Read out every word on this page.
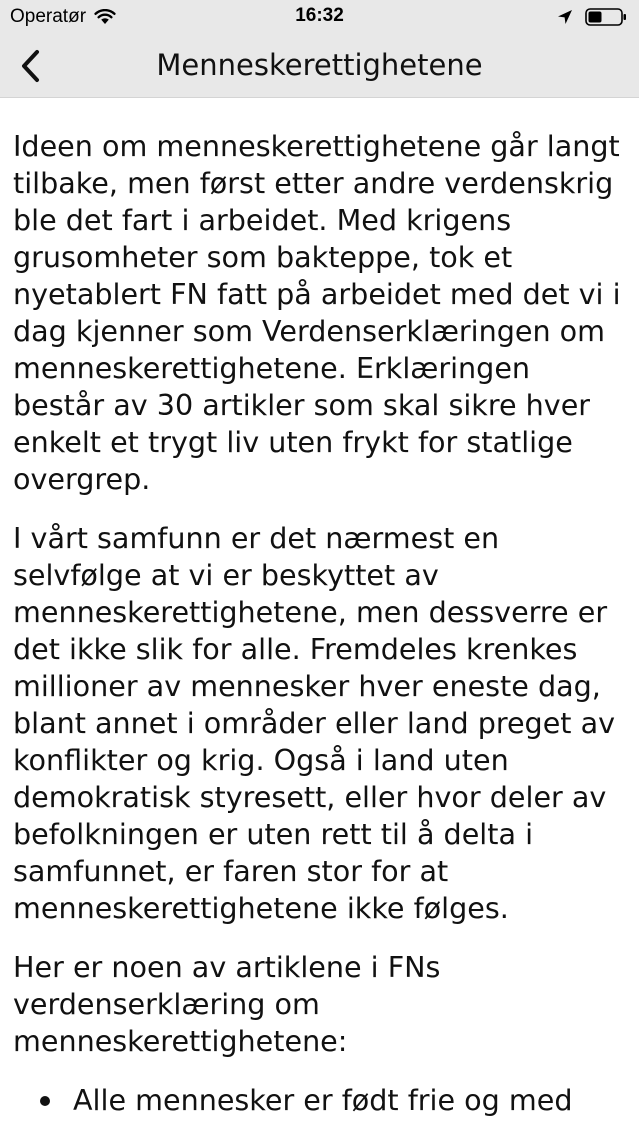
Operatør	16:32
Menneskerettighetene

Ideen om menneskerettighetene går langt tilbake, men først etter andre verdenskrig ble det fart i arbeidet. Med krigens grusomheter som bakteppe, tok et nyetablert FN fatt på arbeidet med det vi i dag kjenner som Verdenserklæringen om menneskerettighetene. Erklæringen består av 30 artikler som skal sikre hver enkelt et trygt liv uten frykt for statlige overgrep.

I vårt samfunn er det nærmest en selvfølge at vi er beskyttet av menneskerettighetene, men dessverre er det ikke slik for alle. Fremdeles krenkes millioner av mennesker hver eneste dag, blant annet i områder eller land preget av konflikter og krig. Også i land uten demokratisk styresett, eller hvor deler av befolkningen er uten rett til å delta i samfunnet, er faren stor for at menneskerettighetene ikke følges.

Her er noen av artiklene i FNs verdenserklæring om menneskerettighetene:

Alle mennesker er født frie og med
